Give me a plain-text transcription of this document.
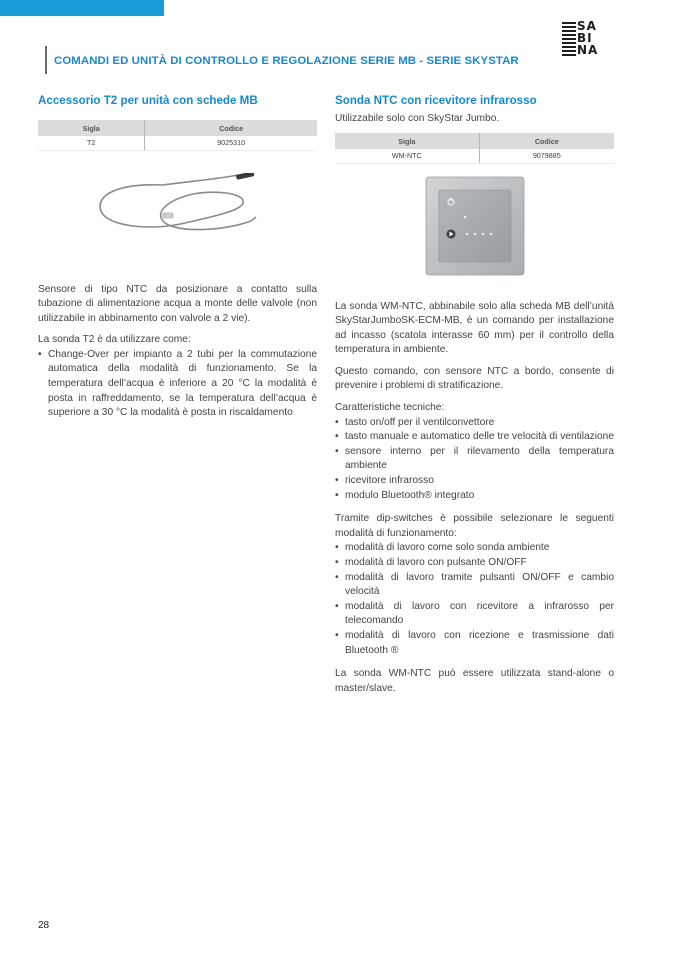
SA
BI
NA
COMANDI ED UNITÀ DI CONTROLLO E REGOLAZIONE SERIE MB - SERIE SKYSTAR
Accessorio T2 per unità con schede MB
Sigla	Codice
T2	9025310

Sensore di tipo NTC da posizionare a contatto sulla tubazione di alimentazione acqua a monte delle valvole (non utilizzabile in abbinamento con valvole a 2 vie).

La sonda T2 è da utilizzare come:

• Change-Over per impianto a 2 tubi per la commutazione automatica della modalità di funzionamento. Se la temperatura dell’acqua è inferiore a 20 °C la modalità è posta in raffreddamento, se la temperatura dell’acqua è superiore a 30 °C la modalità è posta in riscaldamento
Sonda NTC con ricevitore infrarosso
Utilizzabile solo con SkyStar Jumbo.
Sigla	Codice
WM-NTC	9079885

La sonda WM-NTC, abbinabile solo alla scheda MB dell’unità SkyStarJumboSK-ECM-MB, è un comando per installazione ad incasso (scatola interasse 60 mm) per il controllo della temperatura in ambiente.

Questo comando, con sensore NTC a bordo, consente di prevenire i problemi di stratificazione.

Caratteristiche tecniche:

• tasto on/off per il ventilconvettore
• tasto manuale e automatico delle tre velocità di ventilazione
• sensore interno per il rilevamento della temperatura ambiente
• ricevitore infrarosso
• modulo Bluetooth® integrato

Tramite dip-switches è possibile selezionare le seguenti modalità di funzionamento:

• modalità di lavoro come solo sonda ambiente
• modalità di lavoro con pulsante ON/OFF
• modalità di lavoro tramite pulsanti ON/OFF e cambio velocità
• modalità di lavoro con ricevitore a infrarosso per telecomando
• modalità di lavoro con ricezione e trasmissione dati Bluetooth ®

La sonda WM-NTC può essere utilizzata stand-alone o master/slave.

28
